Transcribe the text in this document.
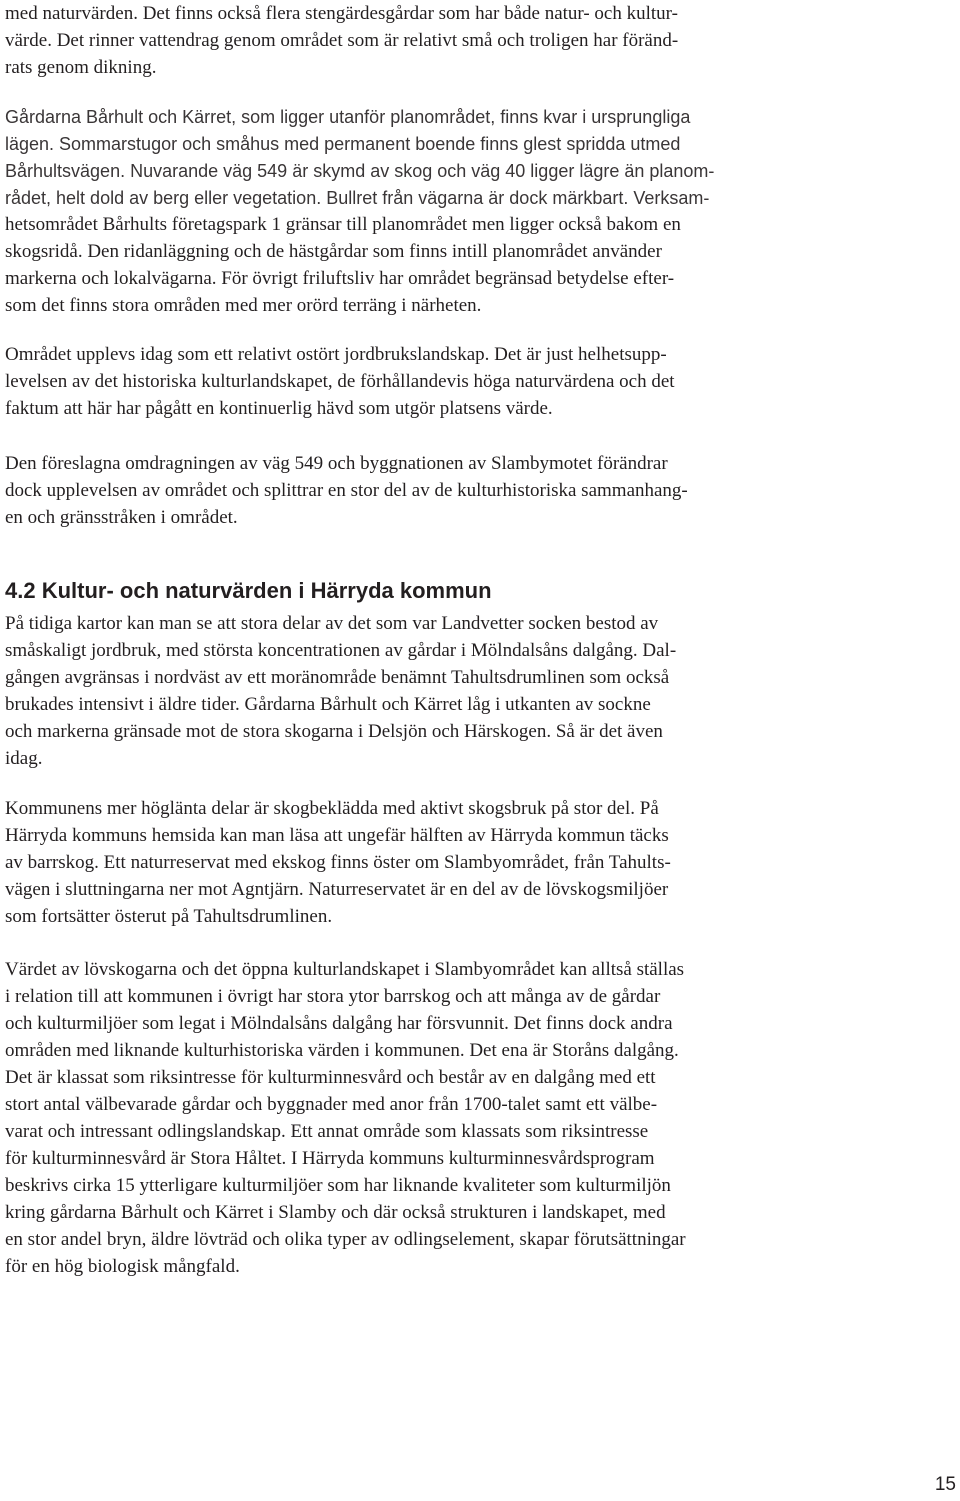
med naturvärden. Det finns också flera stengärdesgårdar som har både natur- och kultur-
värde. Det rinner vattendrag genom området som är relativt små och troligen har föränd-
rats genom dikning.
Gårdarna Bårhult och Kärret, som ligger utanför planområdet, finns kvar i ursprungliga
lägen. Sommarstugor och småhus med permanent boende finns glest spridda utmed
Bårhultsvägen. Nuvarande väg 549 är skymd av skog och väg 40 ligger lägre än planom-
rådet, helt dold av berg eller vegetation. Bullret från vägarna är dock märkbart. Verksam-
hetsområdet Bårhults företagspark 1 gränsar till planområdet men ligger också bakom en
skogsridå. Den ridanläggning och de hästgårdar som finns intill planområdet använder
markerna och lokalvägarna. För övrigt friluftsliv har området begränsad betydelse efter-
som det finns stora områden med mer orörd terräng i närheten.
Området upplevs idag som ett relativt ostört jordbrukslandskap. Det är just helhetsupp-
levelsen av det historiska kulturlandskapet, de förhållandevis höga naturvärdena och det
faktum att här har pågått en kontinuerlig hävd som utgör platsens värde.
Den föreslagna omdragningen av väg 549 och byggnationen av Slambymotet förändrar
dock upplevelsen av området och splittrar en stor del av de kulturhistoriska sammanhang-
en och gränsstråken i området.
4.2 Kultur- och naturvärden i Härryda kommun
På tidiga kartor kan man se att stora delar av det som var Landvetter socken bestod av
småskaligt jordbruk, med största koncentrationen av gårdar i Mölndalsåns dalgång. Dal-
gången avgränsas i nordväst av ett moränområde benämnt Tahultsdrumlinen som också
brukades intensivt i äldre tider. Gårdarna Bårhult och Kärret låg i utkanten av sockne
och markerna gränsade mot de stora skogarna i Delsjön och Härskogen. Så är det även
idag.
Kommunens mer höglänta delar är skogbeklädda med aktivt skogsbruk på stor del. På
Härryda kommuns hemsida kan man läsa att ungefär hälften av Härryda kommun täcks
av barrskog. Ett naturreservat med ekskog finns öster om Slambyområdet, från Tahults-
vägen i sluttningarna ner mot Agntjärn. Naturreservatet är en del av de lövskogsmiljöer
som fortsätter österut på Tahultsdrumlinen.
Värdet av lövskogarna och det öppna kulturlandskapet i Slambyområdet kan alltså ställas
i relation till att kommunen i övrigt har stora ytor barrskog och att många av de gårdar
och kulturmiljöer som legat i Mölndalsåns dalgång har försvunnit. Det finns dock andra
områden med liknande kulturhistoriska värden i kommunen. Det ena är Storåns dalgång.
Det är klassat som riksintresse för kulturminnesvård och består av en dalgång med ett
stort antal välbevarade gårdar och byggnader med anor från 1700-talet samt ett välbe-
varat och intressant odlingslandskap. Ett annat område som klassats som riksintresse
för kulturminnesvård är Stora Håltet. I Härryda kommuns kulturminnesvårdsprogram
beskrivs cirka 15 ytterligare kulturmiljöer som har liknande kvaliteter som kulturmiljön
kring gårdarna Bårhult och Kärret i Slamby och där också strukturen i landskapet, med
en stor andel bryn, äldre lövträd och olika typer av odlingselement, skapar förutsättningar
för en hög biologisk mångfald.
15
